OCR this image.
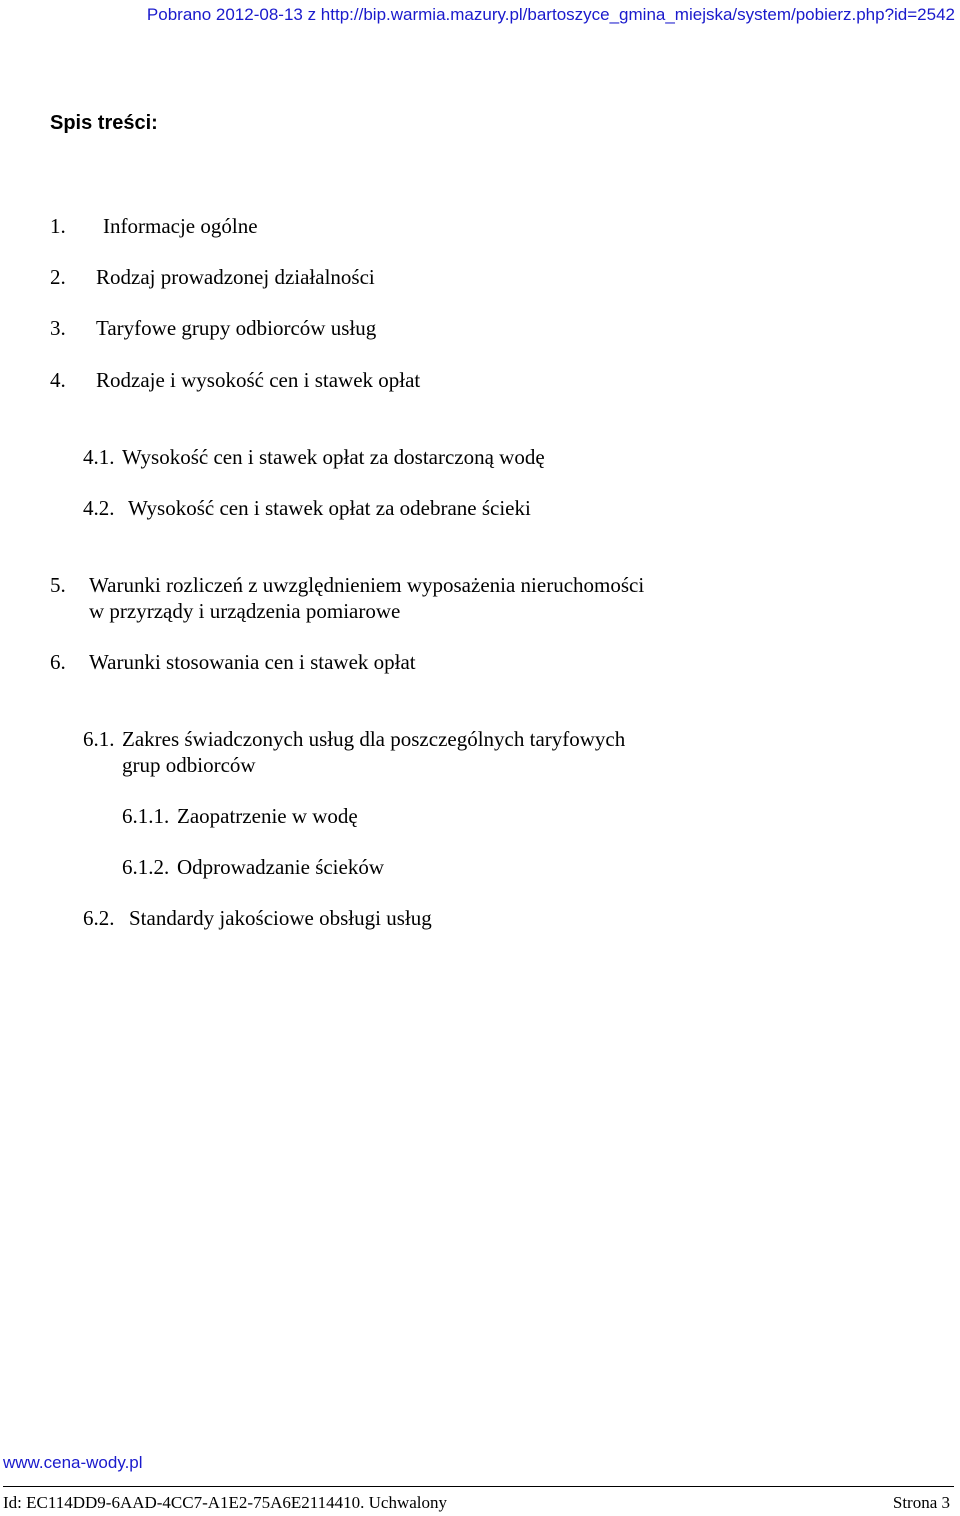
Pobrano 2012-08-13 z http://bip.warmia.mazury.pl/bartoszyce_gmina_miejska/system/pobierz.php?id=2542
Spis treści:
1. Informacje ogólne
2. Rodzaj prowadzonej działalności
3. Taryfowe grupy odbiorców usług
4. Rodzaje i wysokość cen i stawek opłat
4.1. Wysokość cen i stawek opłat za dostarczoną wodę
4.2. Wysokość cen i stawek opłat za odebrane ścieki
5. Warunki rozliczeń z uwzględnieniem wyposażenia nieruchomości
w przyrządy i urządzenia pomiarowe
6. Warunki stosowania cen i stawek opłat
6.1. Zakres świadczonych usług dla poszczególnych taryfowych
grup odbiorców
6.1.1. Zaopatrzenie w wodę
6.1.2. Odprowadzanie ścieków
6.2. Standardy jakościowe obsługi usług
www.cena-wody.pl
Id: EC114DD9-6AAD-4CC7-A1E2-75A6E2114410. Uchwalony	Strona 3
